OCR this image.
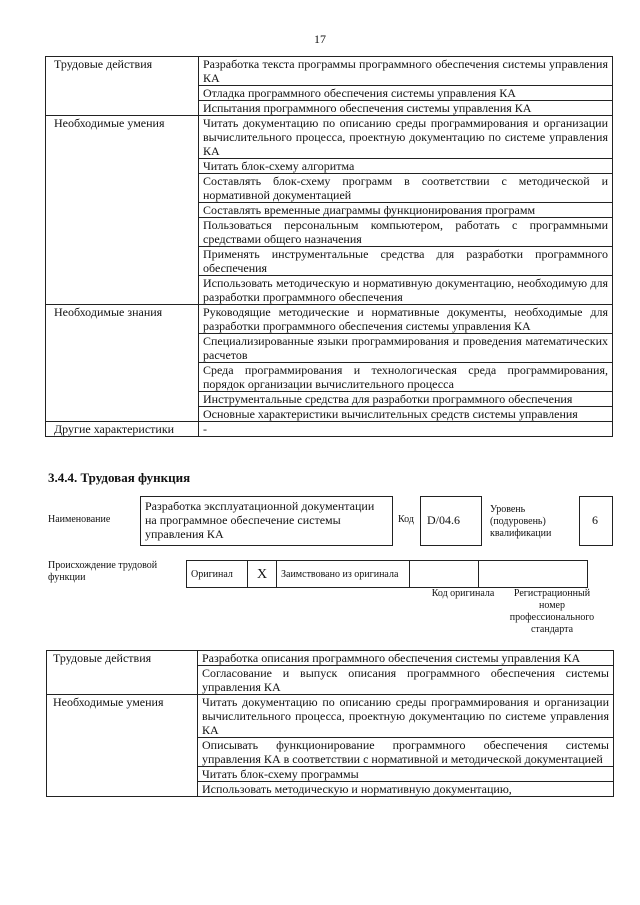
17
Трудовые действия	Разработка текста программы программного обеспечения системы управления КА
	Отладка программного обеспечения системы управления КА
	Испытания программного обеспечения системы управления КА
Необходимые умения	Читать документацию по описанию среды программирования и организации вычислительного процесса, проектную документацию по системе управления КА
	Читать блок-схему алгоритма
	Составлять блок-схему программ в соответствии с методической и нормативной документацией
	Составлять временные диаграммы функционирования программ
	Пользоваться персональным компьютером, работать с программными средствами общего назначения
	Применять инструментальные средства для разработки программного обеспечения
	Использовать методическую и нормативную документацию, необходимую для разработки программного обеспечения
Необходимые знания	Руководящие методические и нормативные документы, необходимые для разработки программного обеспечения системы управления КА
	Специализированные языки программирования и проведения математических расчетов
	Среда программирования и технологическая среда программирования, порядок организации вычислительного процесса
	Инструментальные средства для разработки программного обеспечения
	Основные характеристики вычислительных средств системы управления
Другие характеристики	-
3.4.4. Трудовая функция
Наименование
Разработка эксплуатационной документации на программное обеспечение системы управления КА
Код	D/04.6
Уровень (подуровень) квалификации
6
Происхождение трудовой функции	Оригинал	X	Заимствовано из оригинала		
Код оригинала	Регистрационный номер профессионального стандарта
Трудовые действия	Разработка описания программного обеспечения системы управления КА
	Согласование и выпуск описания программного обеспечения системы управления КА
Необходимые умения	Читать документацию по описанию среды программирования и организации вычислительного процесса, проектную документацию по системе управления КА
	Описывать функционирование программного обеспечения системы управления КА в соответствии с нормативной и методической документацией
	Читать блок-схему программы
	Использовать методическую и нормативную документацию,
